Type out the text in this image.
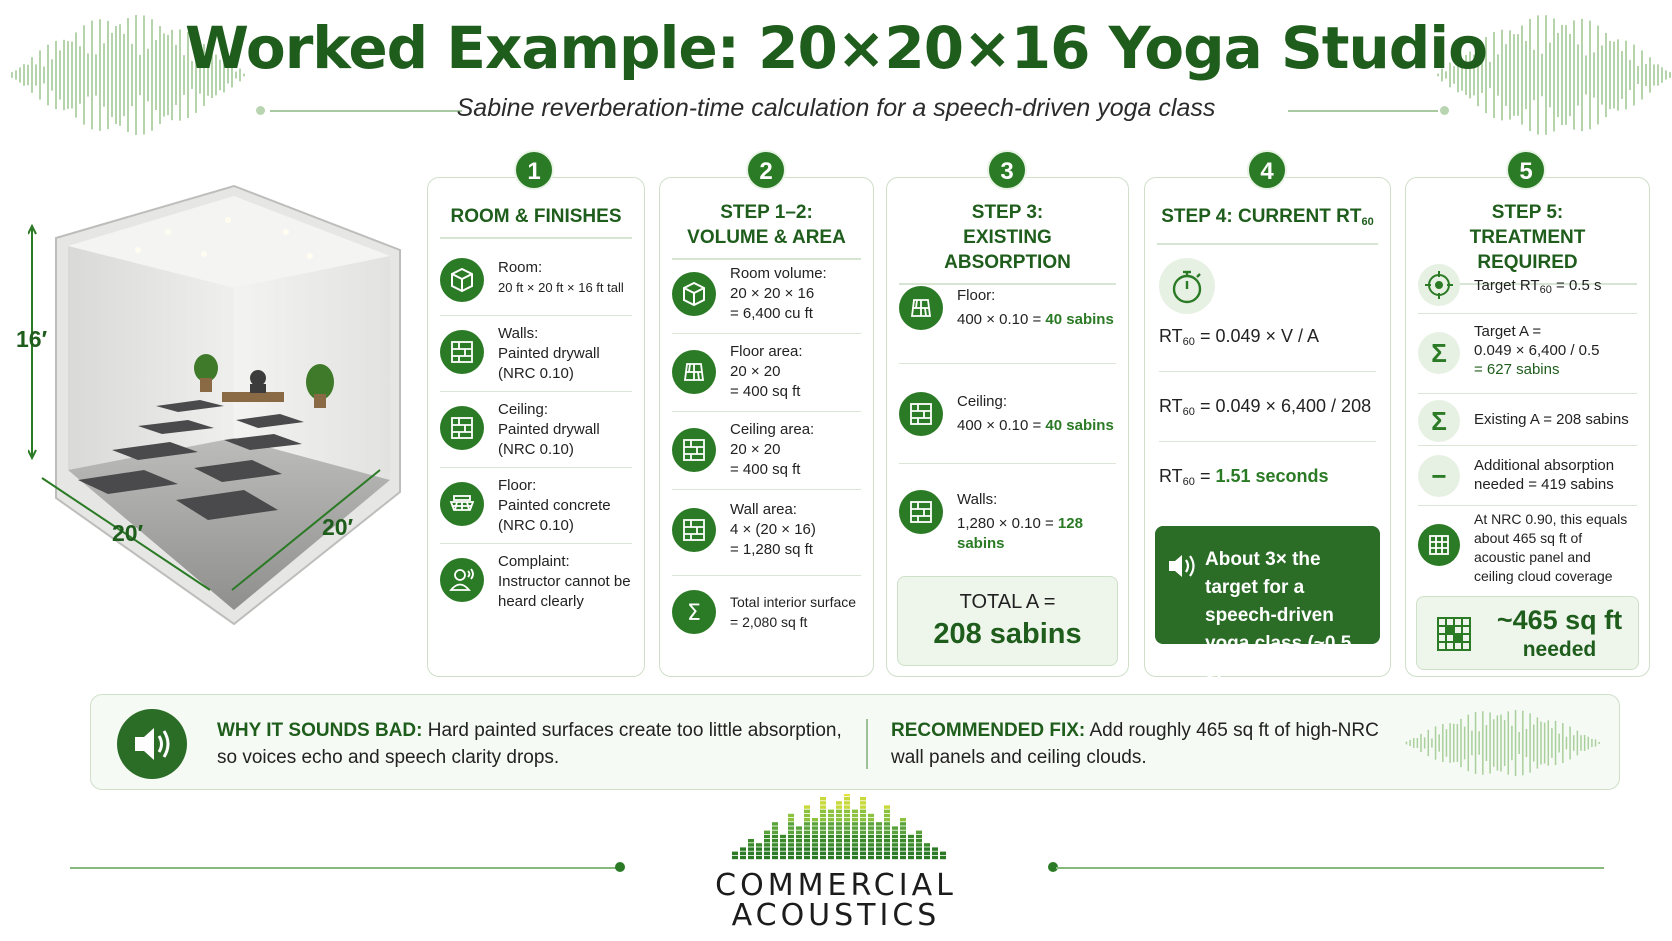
Worked Example: 20×20×16 Yoga Studio
Sabine reverberation-time calculation for a speech-driven yoga class
16′
20′	20′
ROOM & FINISHES
Room:
20 ft × 20 ft × 16 ft tall
Walls:
Painted drywall
(NRC 0.10)
Ceiling:
Painted drywall
(NRC 0.10)
Floor:
Painted concrete
(NRC 0.10)
Complaint:
Instructor cannot be
heard clearly
1
STEP 1–2:
VOLUME & AREA
Room volume:
20 × 20 × 16
= 6,400 cu ft
Floor area:
20 × 20
= 400 sq ft
Ceiling area:
20 × 20
= 400 sq ft
Wall area:
4 × (20 × 16)
= 1,280 sq ft
Σ Total interior surface
= 2,080 sq ft
2
STEP 3:
EXISTING ABSORPTION
Floor:
400 × 0.10 = 40 sabins
Ceiling:
400 × 0.10 = 40 sabins
Walls:
1,280 × 0.10 = 128 sabins
TOTAL A =
208 sabins
3
STEP 4: CURRENT $RT_{60}$
$RT_{60} = 0.049 \times V / A$
$RT_{60} = 0.049 \times 6,400 / 208$
$RT_{60} = 1.51$ seconds
About 3× the target for a speech-driven yoga class (~0.5 s)
4
STEP 5:
TREATMENT REQUIRED
Target $RT_{60} = 0.5$ s
Σ
Target A =
0.049 × 6,400 / 0.5
= 627 sabins
Σ	Existing A = 208 sabins
−	Additional absorption
needed = 419 sabins
At NRC 0.90, this equals
about 465 sq ft of
acoustic panel and
ceiling cloud coverage
~465 sq ft
needed
5
WHY IT SOUNDS BAD: Hard painted surfaces create too little absorption,
so voices echo and speech clarity drops.
RECOMMENDED FIX: Add roughly 465 sq ft of high-NRC
wall panels and ceiling clouds.
COMMERCIAL
ACOUSTICS
